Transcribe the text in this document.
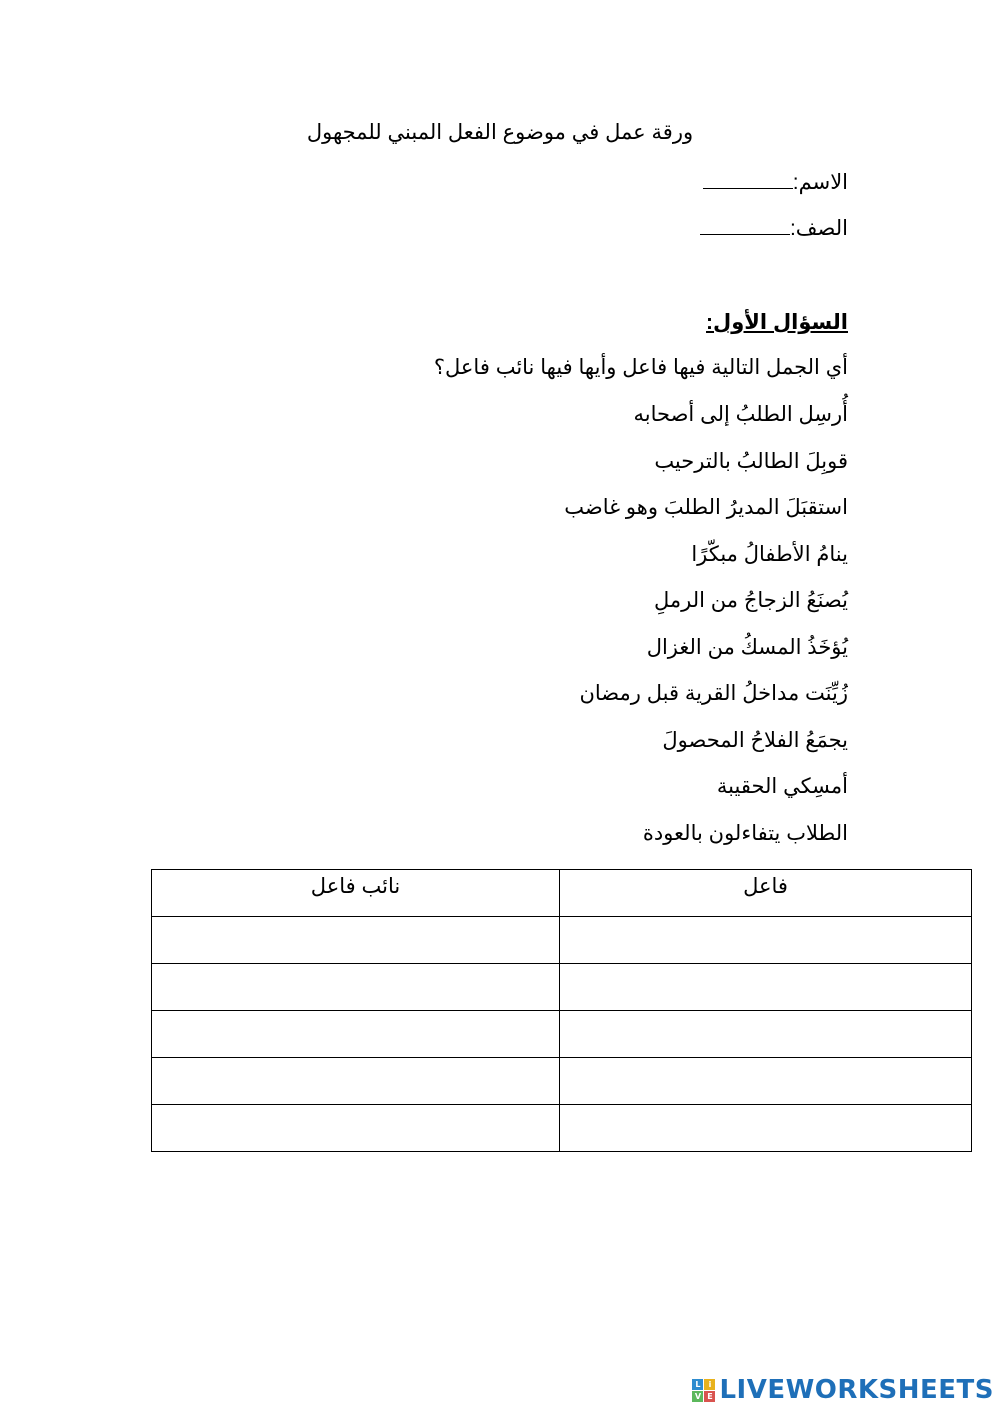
ورقة عمل في موضوع الفعل المبني للمجهول
الاسم:
الصف:
السؤال الأول:
أي الجمل التالية فيها فاعل وأيها فيها نائب فاعل؟
أُرسِل الطلبُ إلى أصحابه
قوبِلَ الطالبُ بالترحيب
استقبَلَ المديرُ الطلبَ وهو غاضب
ينامُ الأطفالُ مبكّرًا
يُصنَعُ الزجاجُ من الرملِ
يُؤخَذُ المسكُ من الغزال
زُيِّنَت مداخلُ القرية قبل رمضان
يجمَعُ الفلاحُ المحصولَ
أمسِكي الحقيبة
الطلاب يتفاءلون بالعودة
فاعل	نائب فاعل

L	i
V E LIVEWORKSHEETS
